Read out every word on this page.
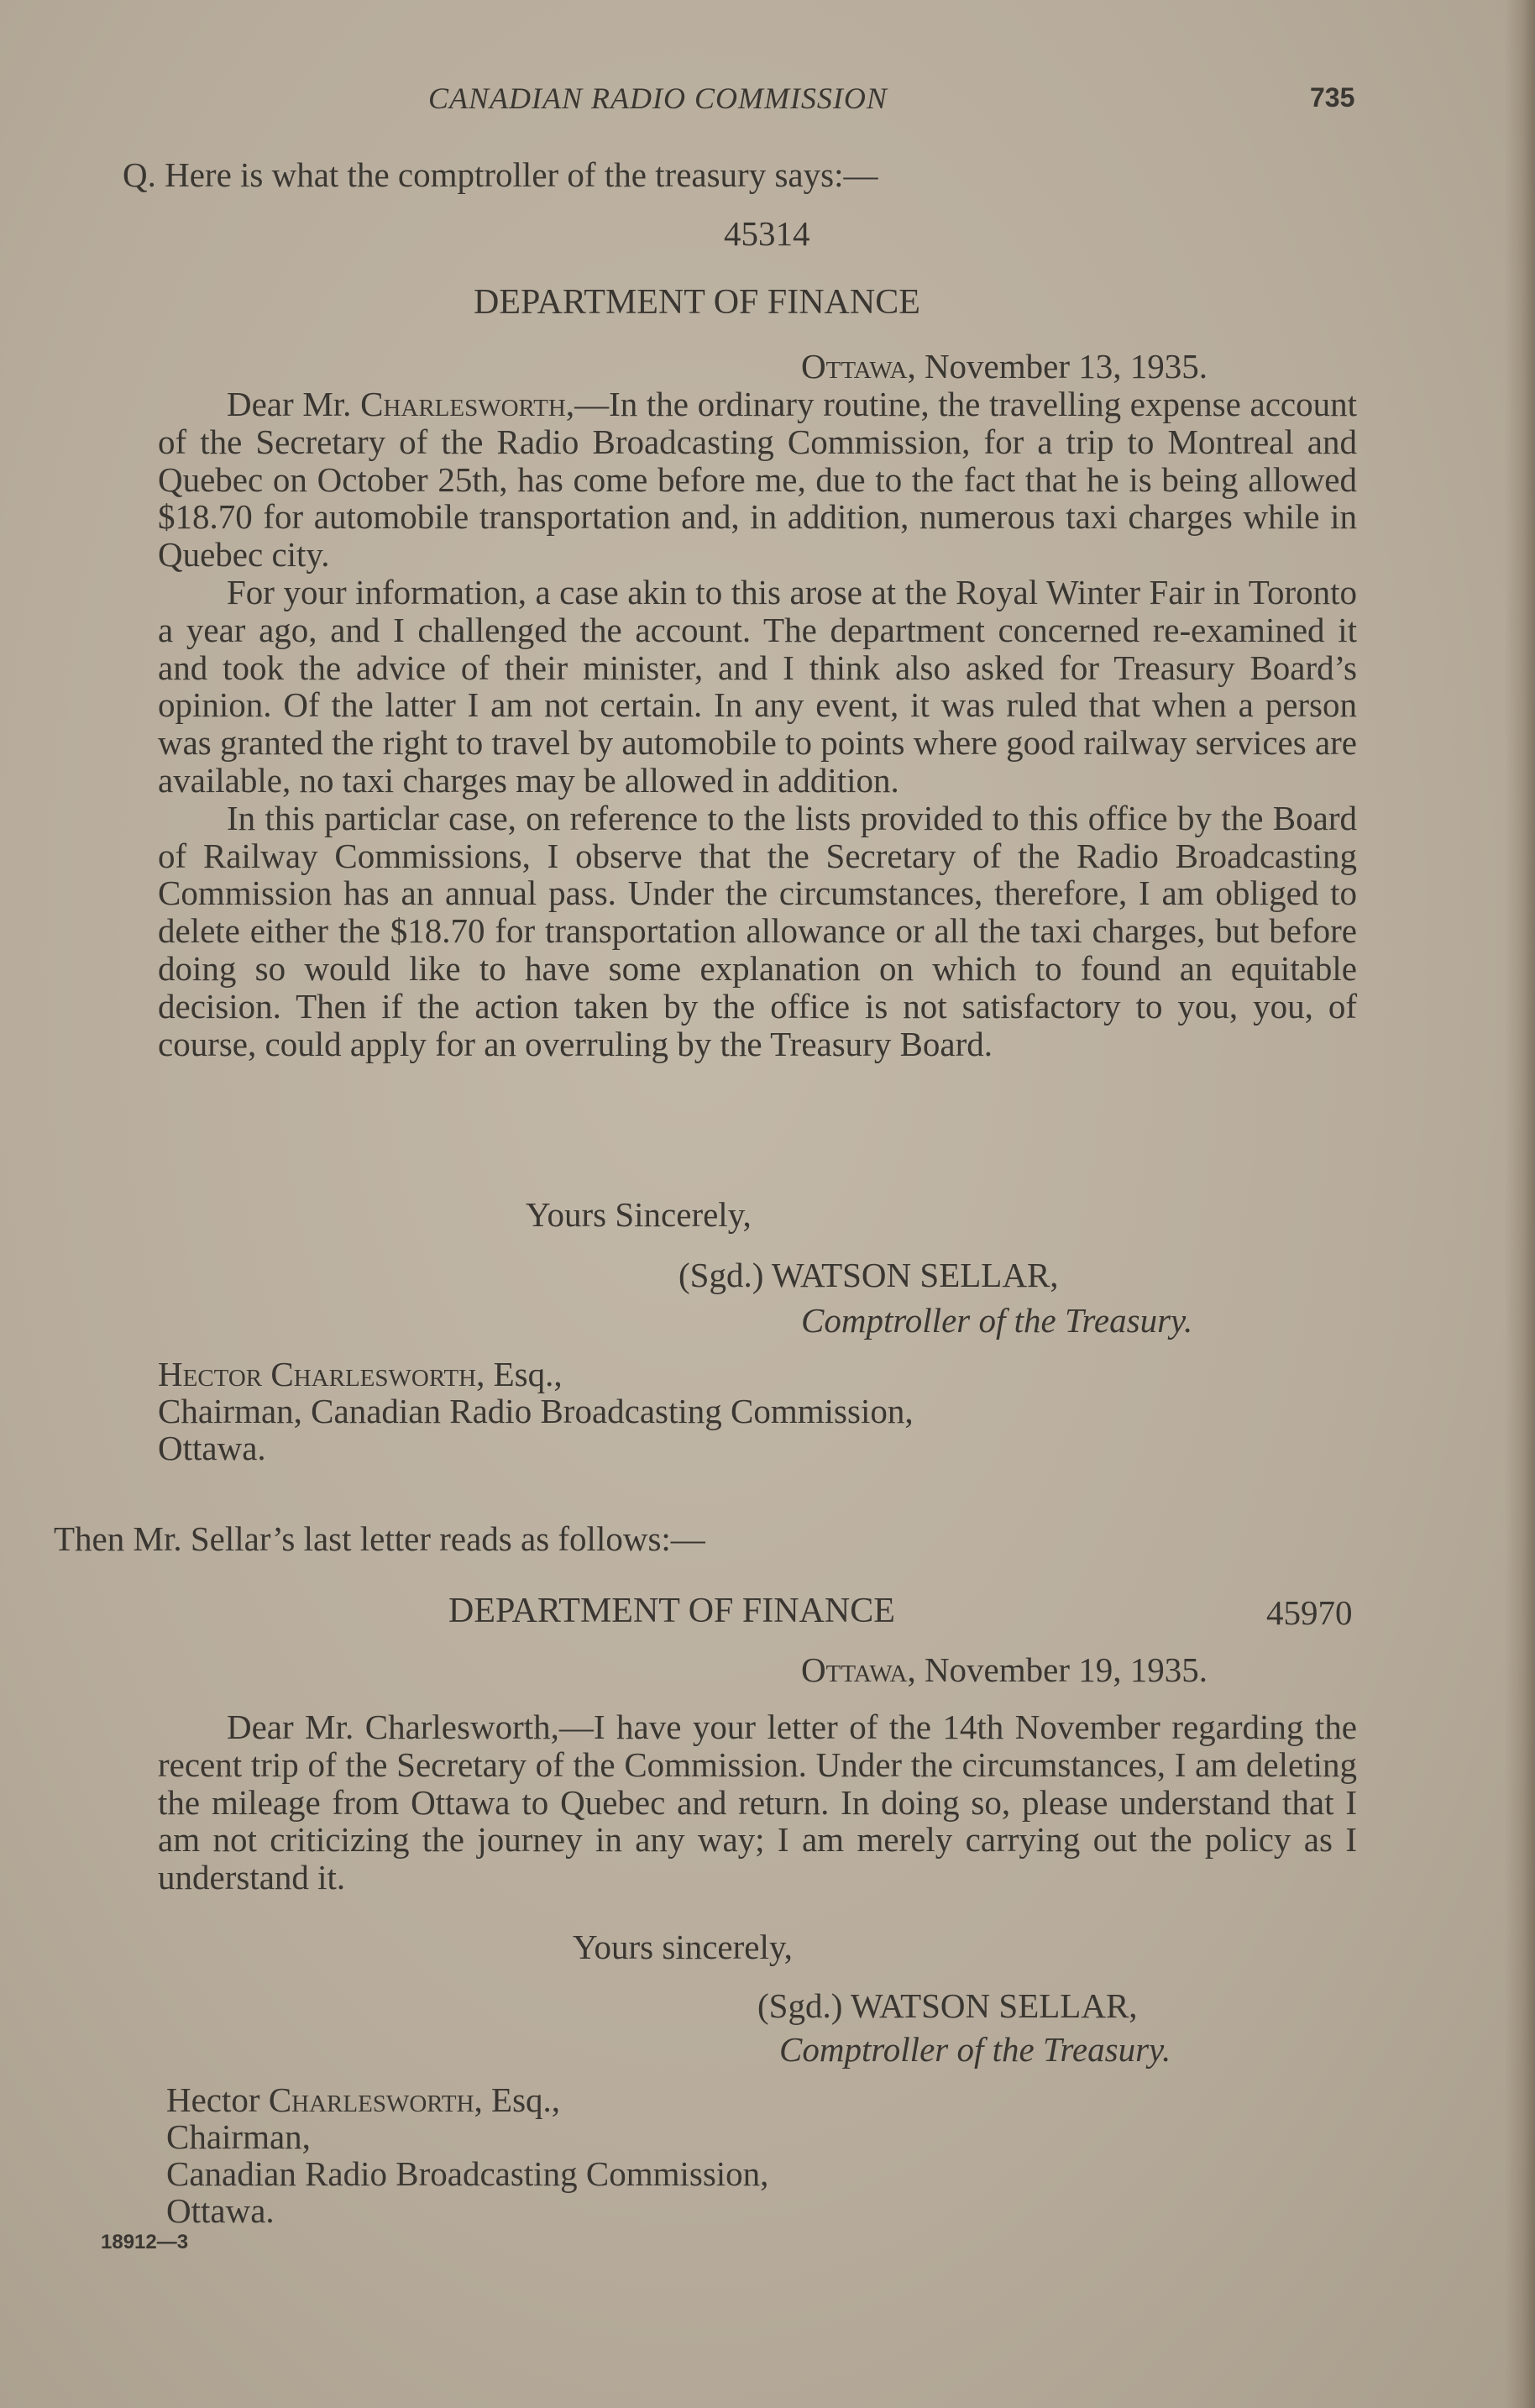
CANADIAN RADIO COMMISSION	735
Q. Here is what the comptroller of the treasury says:—
45314
DEPARTMENT OF FINANCE
Ottawa, November 13, 1935.

Dear Mr. Charlesworth,—In the ordinary routine, the travelling expense account of the Secretary of the Radio Broadcasting Commission, for a trip to Montreal and Quebec on October 25th, has come before me, due to the fact that he is being allowed $18.70 for automobile transportation and, in addition, numerous taxi charges while in Quebec city.

For your information, a case akin to this arose at the Royal Winter Fair in Toronto a year ago, and I challenged the account. The department concerned re-examined it and took the advice of their minister, and I think also asked for Treasury Board’s opinion. Of the latter I am not certain. In any event, it was ruled that when a person was granted the right to travel by automobile to points where good railway services are available, no taxi charges may be allowed in addition.

In this particlar case, on reference to the lists provided to this office by the Board of Railway Commissions, I observe that the Secretary of the Radio Broadcasting Commission has an annual pass. Under the circumstances, therefore, I am obliged to delete either the $18.70 for transportation allowance or all the taxi charges, but before doing so would like to have some explanation on which to found an equitable decision. Then if the action taken by the office is not satisfactory to you, you, of course, could apply for an overruling by the Treasury Board.

Yours Sincerely,
(Sgd.) WATSON SELLAR,
Comptroller of the Treasury.
Hector Charlesworth, Esq.,
Chairman, Canadian Radio Broadcasting Commission,
Ottawa.
Then Mr. Sellar’s last letter reads as follows:—
DEPARTMENT OF FINANCE	45970
Ottawa, November 19, 1935.

Dear Mr. Charlesworth,—I have your letter of the 14th November regarding the recent trip of the Secretary of the Commission. Under the circumstances, I am deleting the mileage from Ottawa to Quebec and return. In doing so, please understand that I am not criticizing the journey in any way; I am merely carrying out the policy as I understand it.

Yours sincerely,
(Sgd.) WATSON SELLAR,
Comptroller of the Treasury.
Hector Charlesworth, Esq.,
Chairman,
Canadian Radio Broadcasting Commission,
Ottawa.
18912—3
